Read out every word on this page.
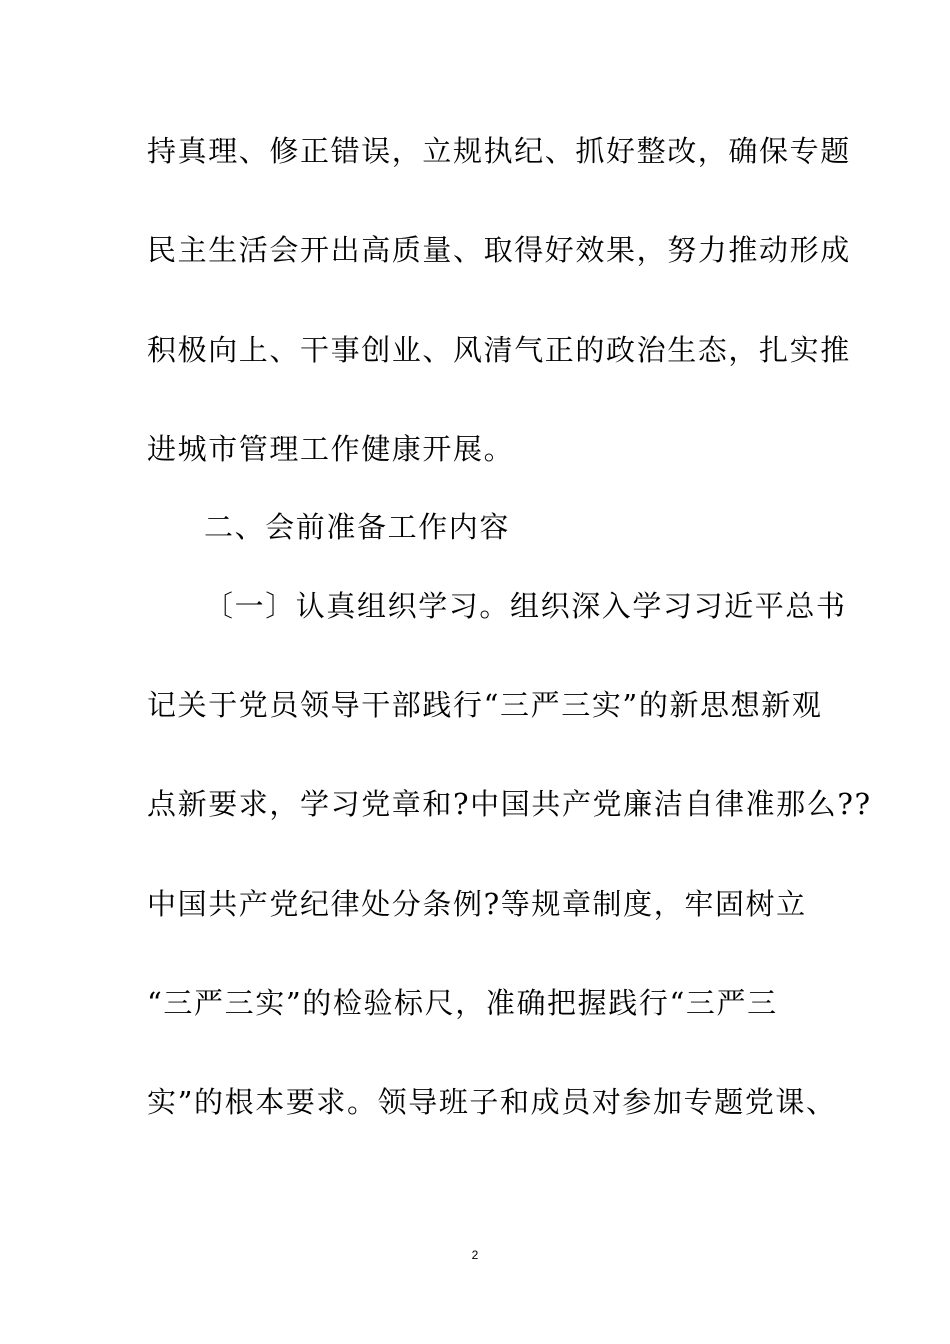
持真理、修正错误，立规执纪、抓好整改，确保专题
民主生活会开出高质量、取得好效果，努力推动形成
积极向上、干事创业、风清气正的政治生态，扎实推
进城市管理工作健康开展。
二、会前准备工作内容
〔一〕认真组织学习。组织深入学习习近平总书
记关于党员领导干部践行“三严三实”的新思想新观
点新要求，学习党章和?中国共产党廉洁自律准那么??
中国共产党纪律处分条例?等规章制度，牢固树立
“三严三实”的检验标尺，准确把握践行“三严三
实”的根本要求。领导班子和成员对参加专题党课、
2
